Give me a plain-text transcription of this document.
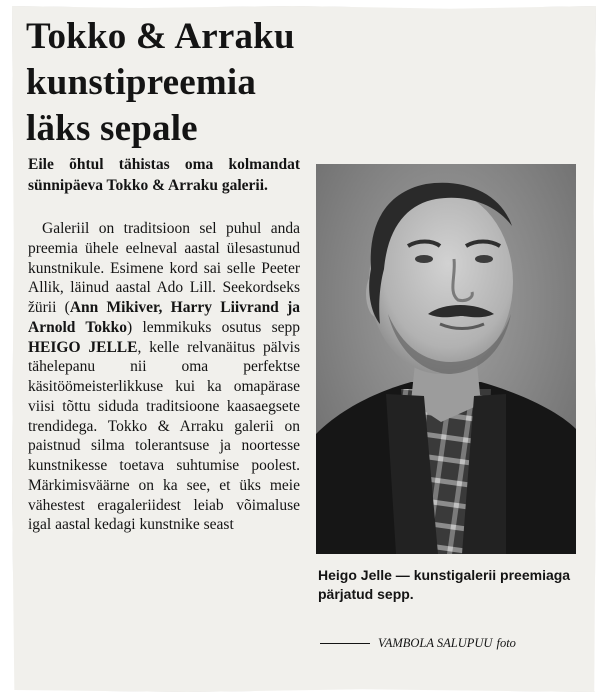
Tokko & Arraku
kunstipreemia
läks sepale

Eile õhtul tähistas oma kolmandat sünnipäeva Tokko & Arraku galerii.

Galeriil on traditsioon sel puhul anda preemia ühele eelneval aastal ülesastunud kunstnikule. Esimene kord sai selle Peeter Allik, läinud aastal Ado Lill. Seekordseks žürii (Ann Mikiver, Harry Liivrand ja Arnold Tokko) lemmikuks osutus sepp HEIGO JELLE, kelle relvanäitus pälvis tähelepanu nii oma perfektse käsitöömeisterlikkuse kui ka omapärase viisi tõttu siduda traditsioone kaasaegsete trendidega. Tokko & Arraku galerii on paistnud silma tolerantsuse ja noortesse kunstnikesse toetava suhtumise poolest. Märkimisväärne on ka see, et üks meie vähestest eragaleriidest leiab võimaluse igal aastal kedagi kunstnike seast

Heigo Jelle — kunstigalerii preemiaga pärjatud sepp.

VAMBOLA SALUPUU foto
